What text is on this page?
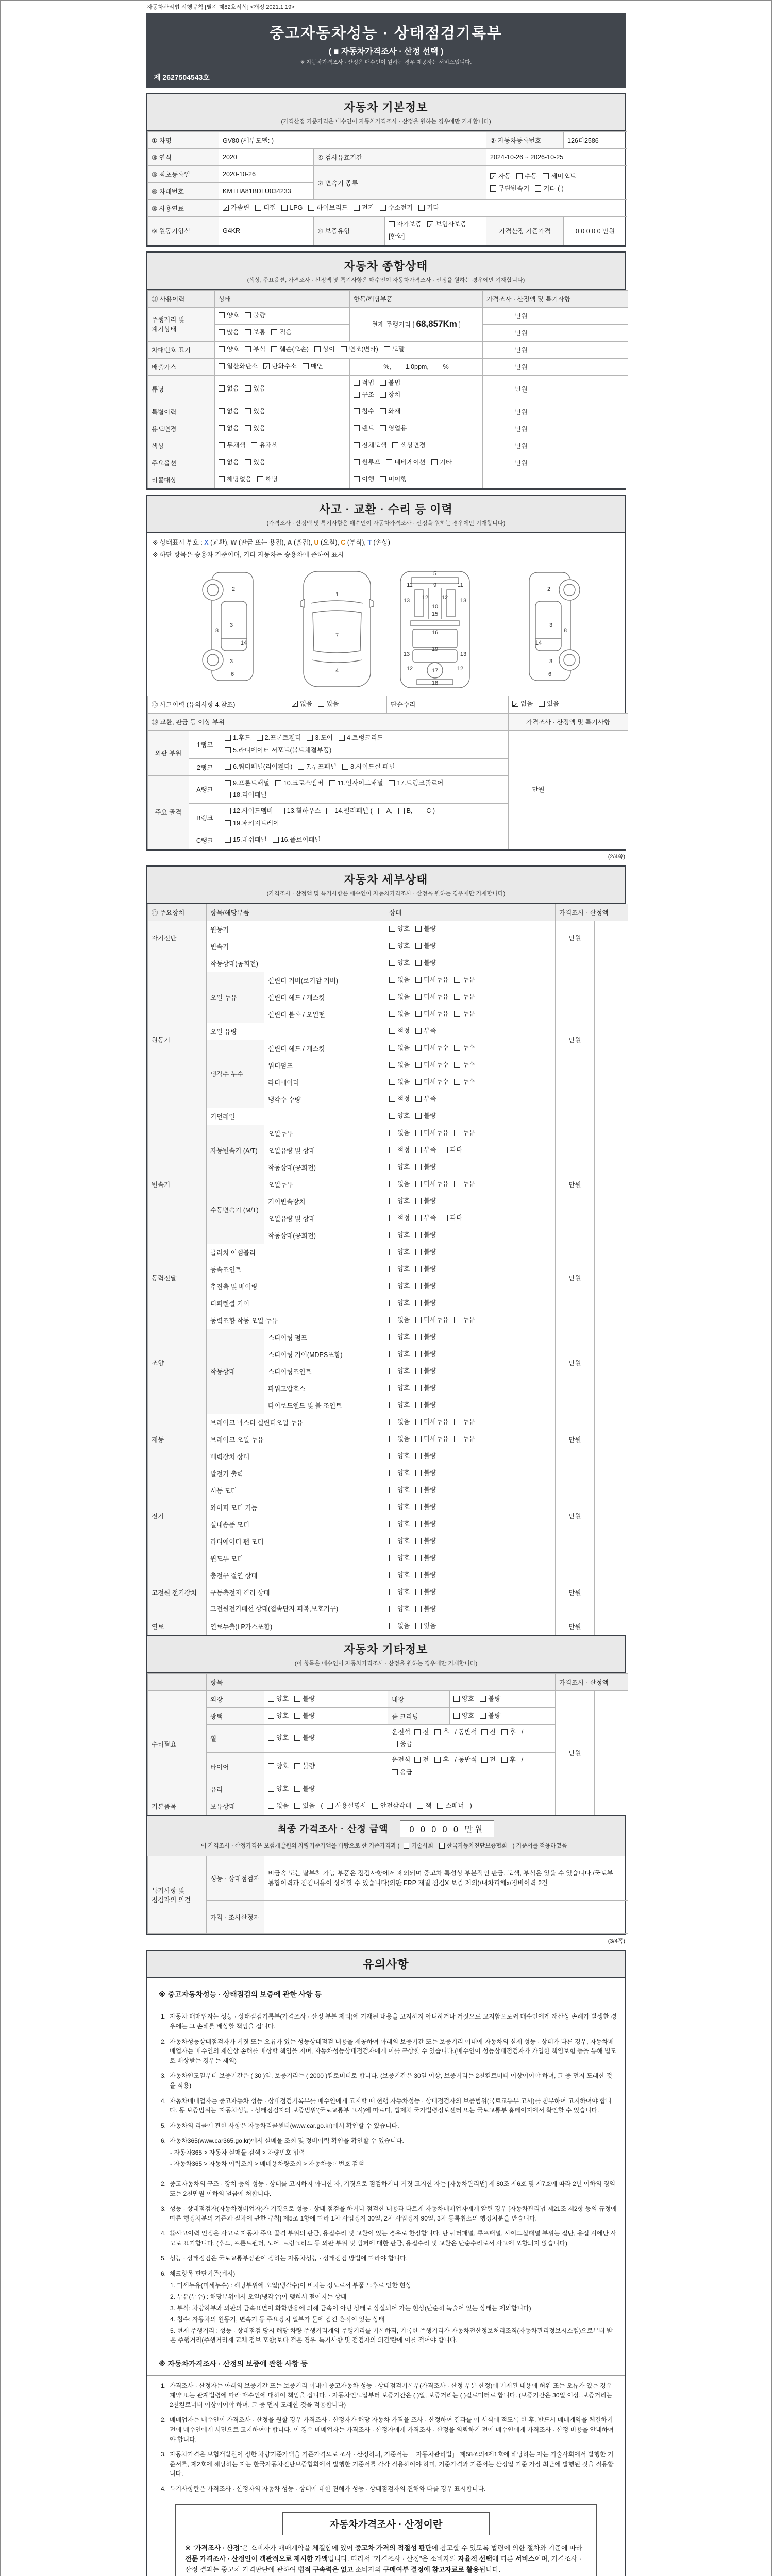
자동차관리법 시행규칙 [별지 제82호서식] <개정 2021.1.19>
중고자동차성능 · 상태점검기록부
( ■ 자동차가격조사 · 산정 선택 )
※ 자동차가격조사 · 산정은 매수인이 원하는 경우 제공하는 서비스입니다.
제 2627504543호
자동차 기본정보
(가격산정 기준가격은 매수인이 자동차가격조사 · 산정을 원하는 경우에만 기재합니다)
① 차명	GV80 (세부모델: )			② 자동차등록번호	126더2586
③ 연식	2020	④ 검사유효기간		2024-10-26 ~ 2026-10-25	
⑤ 최초등록일	2020-10-26	⑦ 변속기 종류	✓자동 수동 세미오토
무단변속기 기타 ( )
⑥ 차대번호	KMTHA81BDLU034233				
⑧ 사용연료	✓가솔린 디젤 LPG 하이브리드 전기 수소전기 기타
⑨ 원동기형식	G4KR	⑩ 보증유형	자가보증 ✓ 보험사보증[한화]	가격산정 기준가격	0 0 0 0 0 만원
자동차 종합상태
(색상, 주요옵션, 가격조사 · 산정액 및 특기사항은 매수인이 자동차가격조사 · 산정을 원하는 경우에만 기재합니다)
⑪ 사용이력	상태	항목/해당부품	가격조사 · 산정액 및 특기사항	
주행거리 및 계기상태	양호 불량	현재 주행거리 [ 68,857Km ]	만원	
	많음 보통 적음		만원	
차대번호 표기	양호 부식 훼손(오손) 상이 변조(변타) 도말		만원	
배출가스	일산화탄소 ✓ 탄화수소 매연	%,        1.0ppm,        %	만원	
튜닝	없음 있음	적법 불법구조 장치	만원	
특별이력	없음 있음	침수 화재	만원	
용도변경	없음 있음	렌트 영업용	만원	
색상	무채색 유채색	전체도색 색상변경	만원	
주요옵션	없음 있음	썬루프 네비게이션 기타	만원	
리콜대상	해당없음 해당	이행 미이행		
사고 · 교환 · 수리 등 이력
(가격조사 · 산정액 및 특기사항은 매수인이 자동차가격조사 · 산정을 원하는 경우에만 기재합니다)
※ 상태표시 부호 : X (교환), W (판금 또는 용접), A (흠집), U (요철), C (부식), T (손상)
※ 하단 항목은 승용차 기준이며, 기타 자동차는 승용차에 준하여 표시
2
8
3
14
3
6
1
7
4
5
9
11	11
13	13
12 12
10
15
16
19
13	13
12	12
17
18
2
8
3
14
3
6
⑫ 사고이력 (유의사항 4.참조)	✓없음 있음	단순수리	✓없음 있음
⑬ 교환, 판금 등 이상 부위			가격조사 · 산정액 및 특기사항	
외판 부위	1랭크	1.후드 2.프론트휀더 3.도어 4.트렁크리드
5.라디에이터 서포트(볼트체결부품)	만원	
	2랭크	6.쿼터패널(리어휀다) 7.루프패널 8.사이드실 패널		
주요 골격	A랭크	9.프론트패널 10.크로스멤버 11.인사이드패널 17.트렁크플로어
18.리어패널		
	B랭크	12.사이드멤버 13.휠하우스 14.필러패널 ( A, B, C )
19.패키지트레이		
	C랭크	15.대쉬패널 16.플로어패널		
(2/4쪽)
자동차 세부상태
(가격조사 · 산정액 및 특기사항은 매수인이 자동차가격조사 · 산정을 원하는 경우에만 기재합니다)
⑭ 주요장치	항목/해당부품		상태	가격조사 · 산정액	
자기진단	원동기		양호 불량	만원	
	변속기		양호 불량		
원동기	작동상태(공회전)		양호 불량	만원	
	오일 누유	실린더 커버(로커암 커버)	없음 미세누유 누유		
		실린더 헤드 / 개스킷	없음 미세누유 누유		
		실린더 블록 / 오일팬	없음 미세누유 누유		
	오일 유량		적정 부족		
	냉각수 누수	실린더 헤드 / 개스킷	없음 미세누수 누수		
		워터펌프	없음 미세누수 누수		
		라디에이터	없음 미세누수 누수		
		냉각수 수량	적정 부족		
	커먼레일		양호 불량		
변속기	자동변속기 (A/T)	오일누유	없음 미세누유 누유	만원	
		오일유량 및 상태	적정 부족 과다		
		작동상태(공회전)	양호 불량		
	수동변속기 (M/T)	오일누유	없음 미세누유 누유		
		기어변속장치	양호 불량		
		오일유량 및 상태	적정 부족 과다		
		작동상태(공회전)	양호 불량		
동력전달	클러치 어셈블리		양호 불량	만원	
	등속조인트		양호 불량		
	추진축 및 베어링		양호 불량		
	디퍼렌셜 기어		양호 불량		
조향	동력조향 작동 오일 누유		없음 미세누유 누유	만원	
	작동상태	스티어링 펌프	양호 불량		
		스티어링 기어(MDPS포함)	양호 불량		
		스티어링조인트	양호 불량		
		파워고압호스	양호 불량		
		타이로드엔드 및 볼 조인트	양호 불량		
제동	브레이크 마스터 실린더오일 누유		없음 미세누유 누유	만원	
	브레이크 오일 누유		없음 미세누유 누유		
	배력장치 상태		양호 불량		
전기	발전기 출력		양호 불량	만원	
	시동 모터		양호 불량		
	와이퍼 모터 기능		양호 불량		
	실내송풍 모터		양호 불량		
	라디에이터 팬 모터		양호 불량		
	윈도우 모터		양호 불량		
고전원 전기장치	충전구 절연 상태		양호 불량	만원	
	구동축전지 격리 상태		양호 불량		
	고전원전기배선 상태(접속단자,피복,보호기구)		양호 불량		
연료	연료누출(LP가스포함)		없음 있음	만원	
자동차 기타정보
(이 항목은 매수인이 자동차가격조사 · 산정을 원하는 경우에만 기재합니다)
	항목				가격조사 · 산정액	
수리필요	외장	양호 불량	내장	양호 불량	만원	
	광택	양호 불량	룸 크리닝	양호 불량		
	휠	양호 불량	운전석 전 후 / 동반석 전 후 /응급			
	타이어	양호 불량	운전석 전 후 / 동반석 전 후 /응급			
	유리	양호 불량				
기본품목	보유상태	없음 있음 ( 사용설명서 안전삼각대 잭 스패너 )				
최종 가격조사 · 산정 금액	0 0 0 0 0 만원
이 가격조사 · 산정가격은 보험개발원의 차량기준가액을 바탕으로 한 기준가격과 ( 기술사회 한국자동차진단보증협회 ) 기준서를 적용하였음
특기사항 및 점검자의 의견	성능 · 상태점검자	비금속 또는 탈부착 가능 부품은 점검사항에서 제외되며 중고차 특성상 부분적인 판금, 도색, 부식은 있을 수 있습니다./국토부 통합이력과 점검내용이 상이할 수 있습니다(외판 FRP 재질 점검X 보증 제외)/내차피해x/정비이력 2건
	가격 · 조사산정자	
(3/4쪽)
유의사항
※ 중고자동차성능 · 상태점검의 보증에 관한 사항 등
1. 자동차 매매업자는 성능 · 상태점검기록부(가격조사 · 산정 부분 제외)에 기재된 내용을 고지하지 아니하거나 거짓으로 고지함으로써 매수인에게 재산상 손해가 발생한 경우에는 그 손해를 배상할 책임을 집니다.
2. 자동차성능상태점검자가 거짓 또는 오류가 있는 성능상태점검 내용을 제공하여 아래의 보증기간 또는 보증거리 이내에 자동차의 실제 성능 · 상태가 다른 경우, 자동차매매업자는 매수인의 재산상 손해를 배상할 책임을 지며, 자동차성능상태점검자에게 이를 구상할 수 있습니다.(매수인이 성능상태점검자가 가입한 책임보험 등을 통해 별도로 배상받는 경우는 제외)
3. 자동차인도일부터 보증기간은 ( 30 )일, 보증거리는 ( 2000 )킬로미터로 합니다. (보증기간은 30일 이상, 보증거리는 2천킬로미터 이상이어야 하며, 그 중 먼저 도래한 것을 적용)
4. 자동차매매업자는 중고자동차 성능 · 상태점검기록부를 매수인에게 고지할 때 현행 자동차성능 · 상태점검자의 보증범위(국토교통부 고시)를 첨부하여 고지하여야 합니다. 동 보증범위는 '자동차성능 · 상태점검자의 보증범위'(국토교통부 고시)에 따르며, 법제처 국가법령정보센터 또는 국토교통부 홈페이지에서 확인할 수 있습니다.
5. 자동차의 리콜에 관한 사항은 자동차리콜센터(www.car.go.kr)에서 확인할 수 있습니다.
6. 자동차365(www.car365.go.kr)에서 실매물 조회 및 정비이력 확인을 확인할 수 있습니다.
- 자동차365 > 자동차 실매물 검색 > 차량번호 입력
- 자동차365 > 자동차 이력조회 > 매매용차량조회 > 자동차등록번호 검색
2. 중고자동차의 구조 · 장치 등의 성능 · 상태를 고지하지 아니한 자, 거짓으로 점검하거나 거짓 고지한 자는 [자동차관리법] 제 80조 제6호 및 제7호에 따라 2년 이하의 징역 또는 2천만원 이하의 벌금에 처합니다.
3. 성능 · 상태점검자(자동차정비업자)가 거짓으로 성능 · 상태 점검을 하거나 점검한 내용과 다르게 자동차매매업자에게 알린 경우 [자동차관리법 제21조 제2항 등의 규정에 따른 행정처분의 기준과 절차에 관한 규칙] 제5조 1항에 따라 1차 사업정지 30일, 2차 사업정지 90일, 3차 등록취소의 행정처분을 받습니다.
4. ⑫사고이력 인정은 사고로 자동차 주요 골격 부위의 판금, 용접수리 및 교환이 있는 경우로 한정합니다. 단 쿼터패널, 루프패널, 사이드실패널 부위는 절단, 용접 시에만 사고로 표기합니다. (후드, 프론트펜더, 도어, 트렁크리드 등 외판 부위 및 범퍼에 대한 판금, 용접수리 및 교환은 단순수리로서 사고에 포함되지 않습니다)
5. 성능 · 상태점검은 국토교통부장관이 정하는 자동차성능 · 상태점검 방법에 따라야 합니다.
6. 체크항목 판단기준(예시)
1. 미세누유(미세누수) : 해당부위에 오일(냉각수)이 비치는 정도로서 부품 노후로 인한 현상
2. 누유(누수) : 해당부위에서 오일(냉각수)이 맺혀서 떨어지는 상태
3. 부식: 차량하부와 외판의 금속표면이 화학반응에 의해 금속이 아닌 상태로 상실되어 가는 현상(단순히 녹슬어 있는 상태는 제외합니다)
4. 침수: 자동차의 원동기, 변속기 등 주요장치 일부가 물에 잠긴 흔적이 있는 상태
5. 현재 주행거리 : 성능 · 상태점검 당시 해당 차량 주행거리계의 주행거리를 기록하되, 기록한 주행거리가 자동차전산정보처리조직(자동차관리정보시스템)으로부터 받은 주행거리(주행거리계 교체 정보 포함)보다 적은 경우 '특기사항 및 점검자의 의견'란에 이를 적어야 합니다.
※ 자동차가격조사 · 산정의 보증에 관한 사항 등
1. 가격조사 · 산정자는 아래의 보증기간 또는 보증거리 이내에 중고자동차 성능 · 상태점검기록부(가격조사 · 산정 부분 한정)에 기재된 내용에 허위 또는 오류가 있는 경우 계약 또는 관계법령에 따라 매수인에 대하여 책임을 집니다. · 자동차인도일부터 보증기간은 ( )일, 보증거리는 ( )킬로미터로 합니다. (보증기간은 30일 이상, 보증거리는 2천킬로미터 이상이어야 하며, 그 중 먼저 도래한 것을 적용합니다)
2. 매매업자는 매수인이 가격조사 · 산정을 원할 경우 가격조사 · 산정자가 해당 자동차 가격을 조사 · 산정하여 결과를 이 서식에 적도록 한 후, 반드시 매매계약을 체결하기 전에 매수인에게 서면으로 고지하여야 합니다. 이 경우 매매업자는 가격조사 · 산정자에게 가격조사 · 산정을 의뢰하기 전에 매수인에게 가격조사 · 산정 비용을 안내하여야 합니다.
3. 자동차가격은 보험개발원이 정한 차량기준가액을 기준가격으로 조사 · 산정하되, 기준서는 「자동차관리법」 제58조의4제1호에 해당하는 자는 기술사회에서 발행한 기준서를, 제2호에 해당하는 자는 한국자동차진단보증협회에서 발행한 기준서를 각각 적용하여야 하며, 기준가격과 기준서는 산정일 기준 가장 최근에 발행된 것을 적용합니다.
4. 특기사항란은 가격조사 · 산정자의 자동차 성능 · 상태에 대한 견해가 성능 · 상태점검자의 견해와 다를 경우 표시합니다.
자동차가격조사 · 산정이란
※ "가격조사 · 산정"은 소비자가 매매계약을 체결함에 있어 중고차 가격의 적절성 판단에 참고할 수 있도록 법령에 의한 절차와 기준에 따라 전문 가격조사 · 산정인이 객관적으로 제시한 가액입니다. 따라서 "가격조사 · 산정"은 소비자의 자율적 선택에 따른 서비스이며, 가격조사 · 산정 결과는 중고차 가격판단에 관하여 법적 구속력은 없고 소비자의 구매여부 결정에 참고자료로 활용됩니다.
